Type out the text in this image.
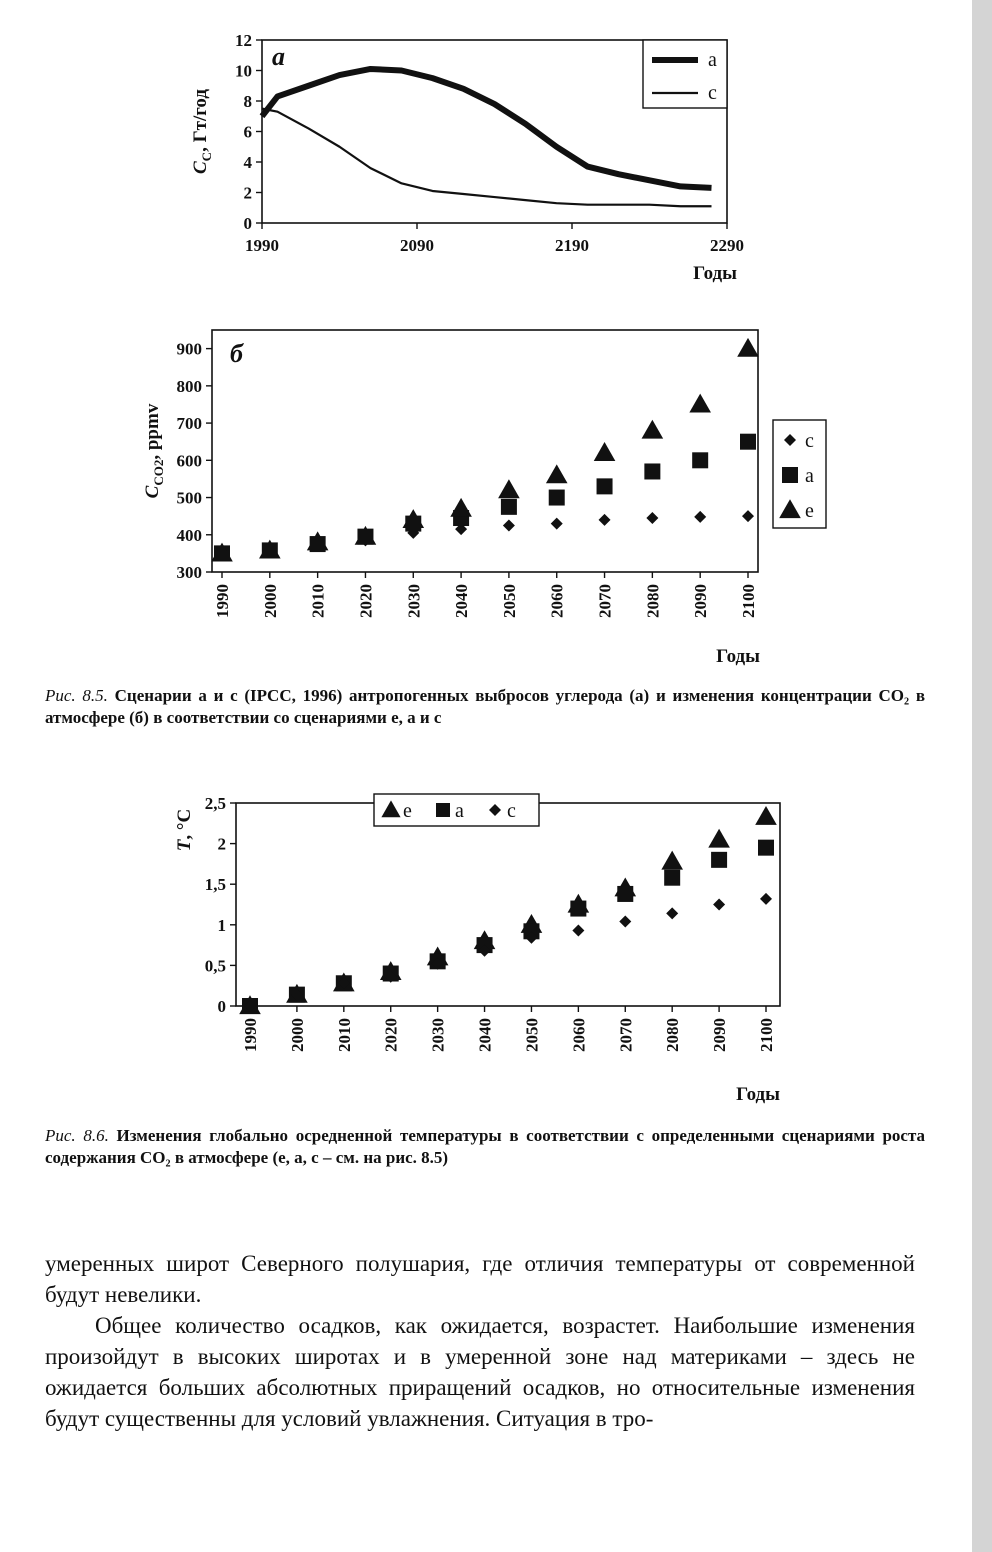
0
2
4
6
8
10
12
1990	2090	2190	2290
a
$C_C$, Гт/год
Годы
a
c
300
400
500
600
700
800
900
1990 2000 2010 2020 2030 2040 2050 2060 2070 2080 2090 2100
б
$C_{CO2}$, ppmv
Годы
c
a
e
Рис. 8.5. Сценарии а и с (IPCC, 1996) антропогенных выбросов углерода (а) и изменения концентрации CO₂ в атмосфере (б) в соответствии со сценариями е, а и с
0
0,5
1
1,5
2
2,5
1990 2000 2010 2020 2030 2040 2050 2060 2070 2080 2090 2100
T, °C
Годы
e a c
Рис. 8.6. Изменения глобально осредненной температуры в соответствии с определенными сценариями роста содержания CO₂ в атмосфере (е, а, с – см. на рис. 8.5)

умеренных широт Северного полушария, где отличия температуры от современной будут невелики.

Общее количество осадков, как ожидается, возрастет. Наибольшие изменения произойдут в высоких широтах и в умеренной зоне над материками – здесь не ожидается больших абсолютных приращений осадков, но относительные изменения будут существенны для условий увлажнения. Ситуация в тро-
